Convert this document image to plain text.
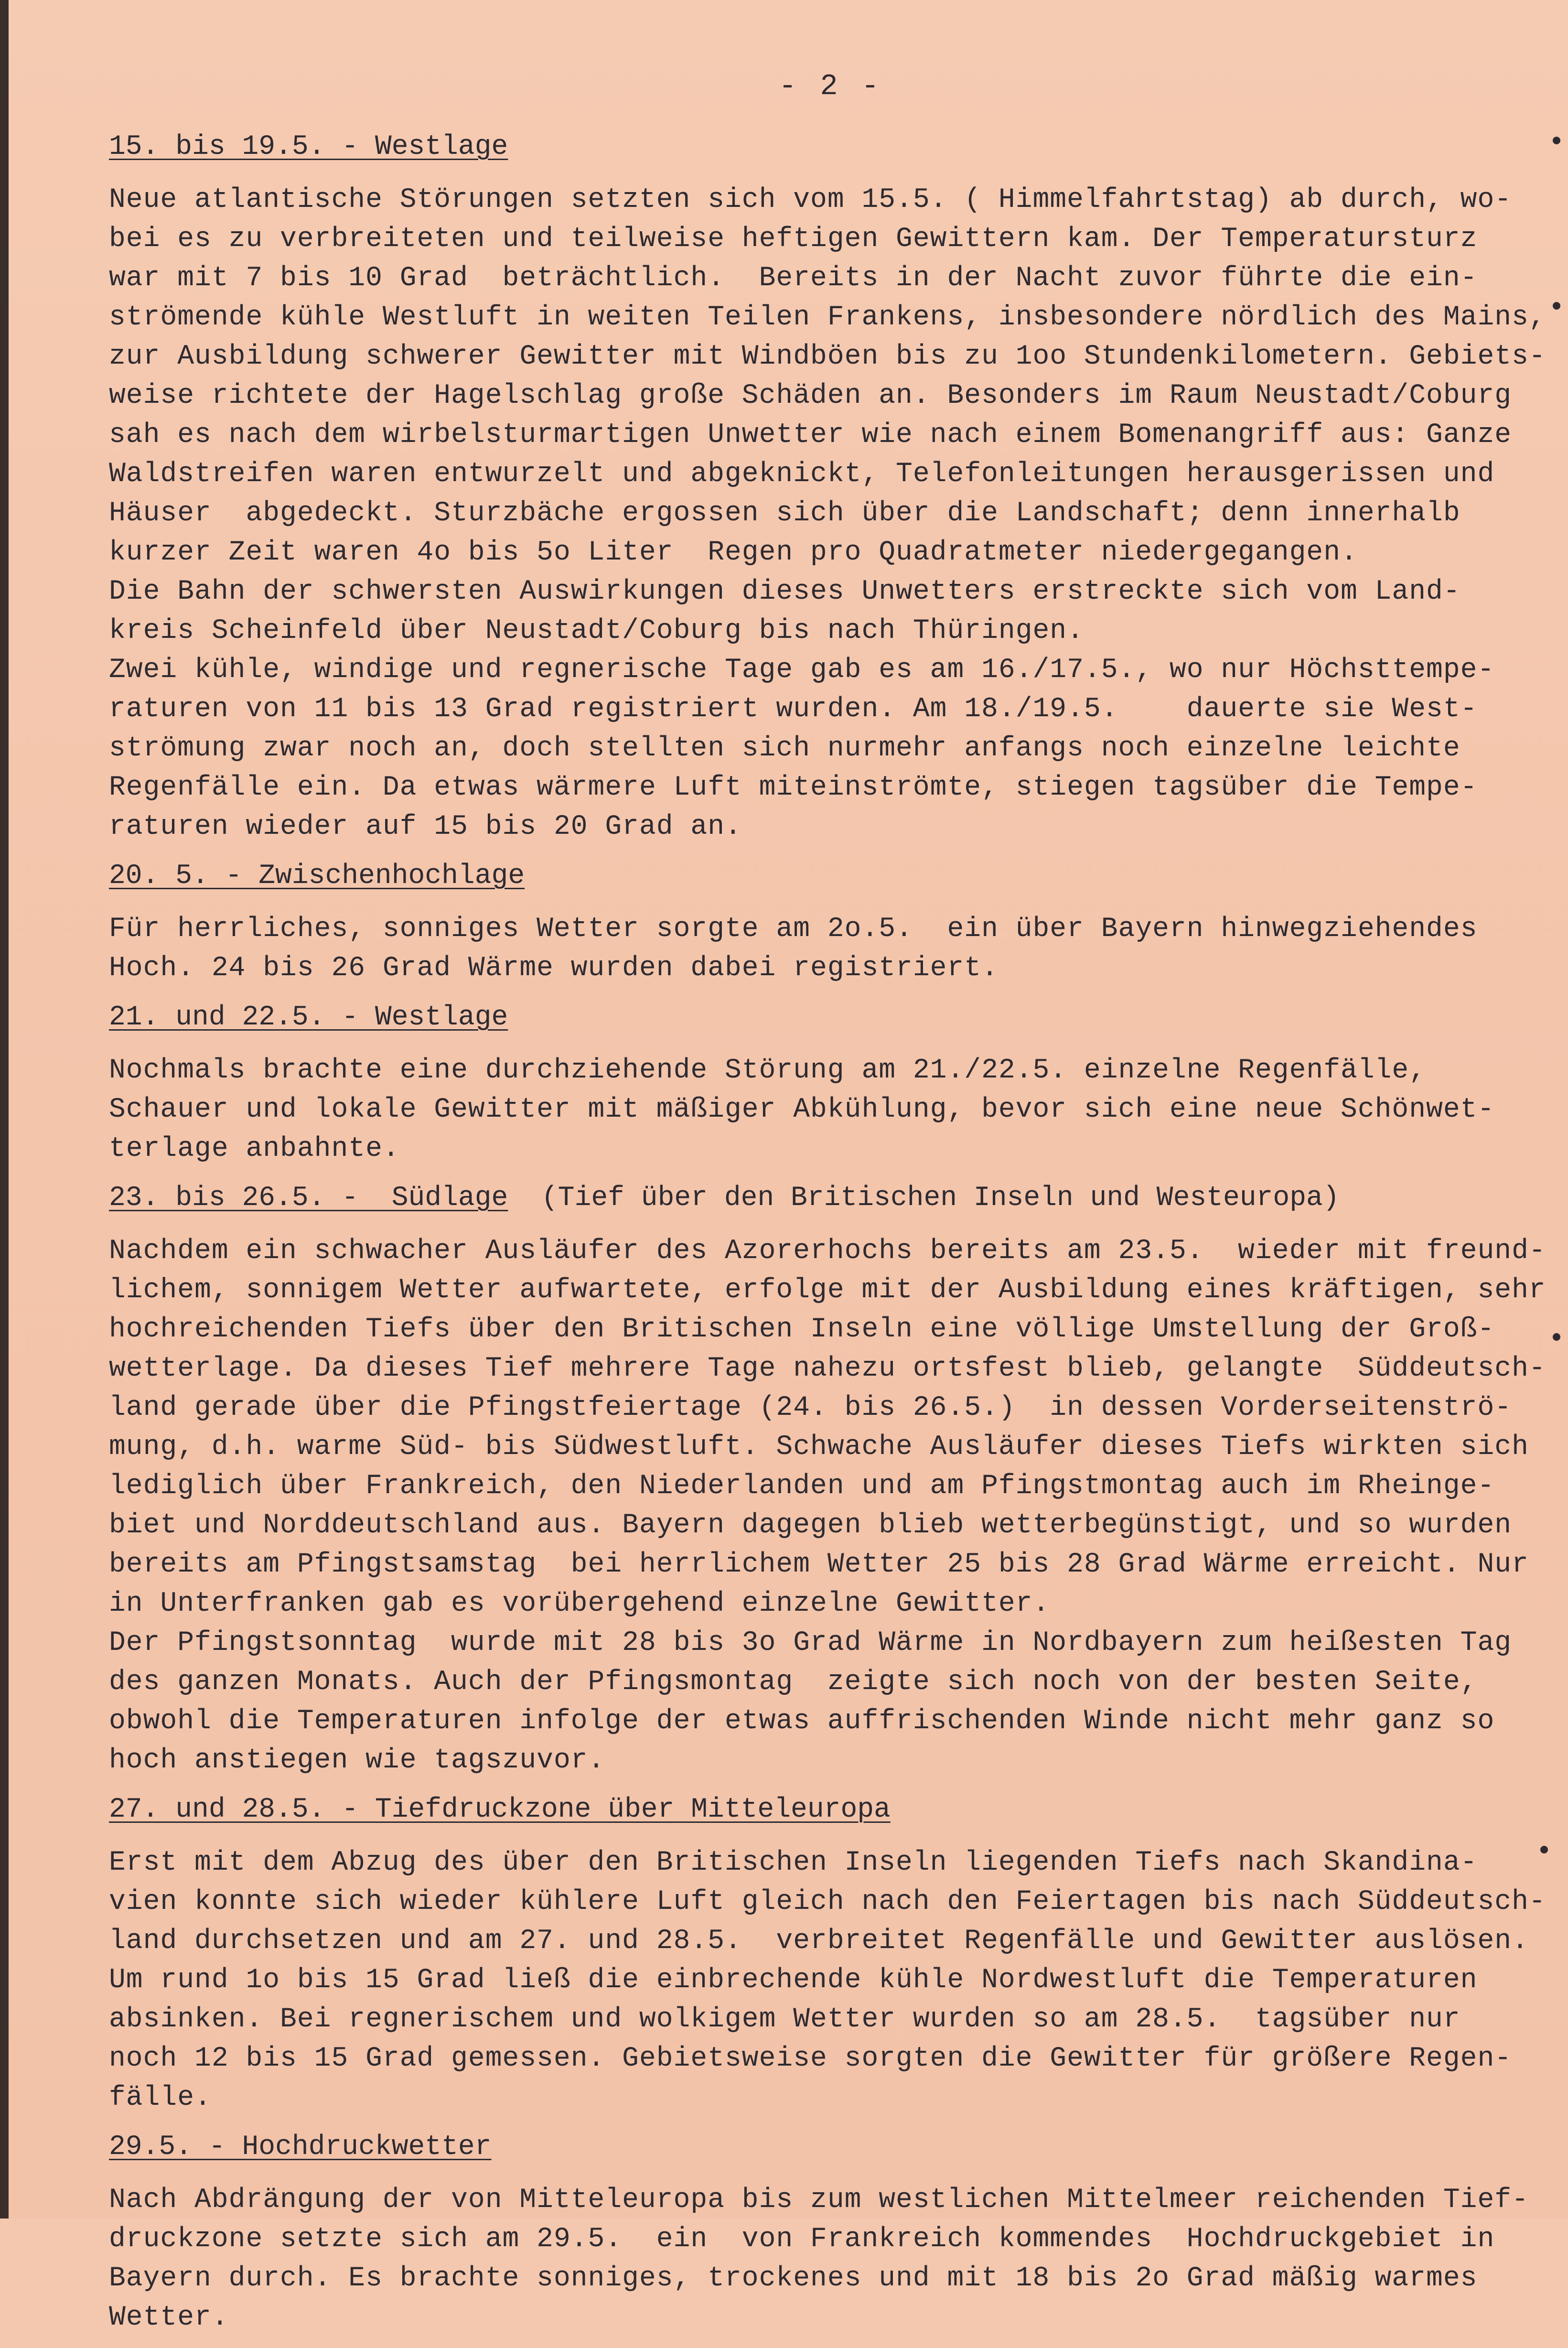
- 2 -
15. bis 19.5. - Westlage
Neue atlantische Störungen setzten sich vom 15.5. ( Himmelfahrtstag) ab durch, wo-
bei es zu verbreiteten und teilweise heftigen Gewittern kam. Der Temperatursturz
war mit 7 bis 10 Grad  beträchtlich.  Bereits in der Nacht zuvor führte die ein-
strömende kühle Westluft in weiten Teilen Frankens, insbesondere nördlich des Mains,
zur Ausbildung schwerer Gewitter mit Windböen bis zu 1oo Stundenkilometern. Gebiets-
weise richtete der Hagelschlag große Schäden an. Besonders im Raum Neustadt/Coburg
sah es nach dem wirbelsturmartigen Unwetter wie nach einem Bomenangriff aus: Ganze
Waldstreifen waren entwurzelt und abgeknickt, Telefonleitungen herausgerissen und
Häuser  abgedeckt. Sturzbäche ergossen sich über die Landschaft; denn innerhalb
kurzer Zeit waren 4o bis 5o Liter  Regen pro Quadratmeter niedergegangen.
Die Bahn der schwersten Auswirkungen dieses Unwetters erstreckte sich vom Land-
kreis Scheinfeld über Neustadt/Coburg bis nach Thüringen.
Zwei kühle, windige und regnerische Tage gab es am 16./17.5., wo nur Höchsttempe-
raturen von 11 bis 13 Grad registriert wurden. Am 18./19.5.    dauerte sie West-
strömung zwar noch an, doch stellten sich nurmehr anfangs noch einzelne leichte
Regenfälle ein. Da etwas wärmere Luft miteinströmte, stiegen tagsüber die Tempe-
raturen wieder auf 15 bis 20 Grad an.
20. 5. - Zwischenhochlage
Für herrliches, sonniges Wetter sorgte am 2o.5.  ein über Bayern hinwegziehendes
Hoch. 24 bis 26 Grad Wärme wurden dabei registriert.
21. und 22.5. - Westlage
Nochmals brachte eine durchziehende Störung am 21./22.5. einzelne Regenfälle,
Schauer und lokale Gewitter mit mäßiger Abkühlung, bevor sich eine neue Schönwet-
terlage anbahnte.
23. bis 26.5. -  Südlage  (Tief über den Britischen Inseln und Westeuropa)
Nachdem ein schwacher Ausläufer des Azorerhochs bereits am 23.5.  wieder mit freund-
lichem, sonnigem Wetter aufwartete, erfolge mit der Ausbildung eines kräftigen, sehr
hochreichenden Tiefs über den Britischen Inseln eine völlige Umstellung der Groß-
wetterlage. Da dieses Tief mehrere Tage nahezu ortsfest blieb, gelangte  Süddeutsch-
land gerade über die Pfingstfeiertage (24. bis 26.5.)  in dessen Vorderseitenströ-
mung, d.h. warme Süd- bis Südwestluft. Schwache Ausläufer dieses Tiefs wirkten sich
lediglich über Frankreich, den Niederlanden und am Pfingstmontag auch im Rheinge-
biet und Norddeutschland aus. Bayern dagegen blieb wetterbegünstigt, und so wurden
bereits am Pfingstsamstag  bei herrlichem Wetter 25 bis 28 Grad Wärme erreicht. Nur
in Unterfranken gab es vorübergehend einzelne Gewitter.
Der Pfingstsonntag  wurde mit 28 bis 3o Grad Wärme in Nordbayern zum heißesten Tag
des ganzen Monats. Auch der Pfingsmontag  zeigte sich noch von der besten Seite,
obwohl die Temperaturen infolge der etwas auffrischenden Winde nicht mehr ganz so
hoch anstiegen wie tagszuvor.
27. und 28.5. - Tiefdruckzone über Mitteleuropa
Erst mit dem Abzug des über den Britischen Inseln liegenden Tiefs nach Skandina-
vien konnte sich wieder kühlere Luft gleich nach den Feiertagen bis nach Süddeutsch-
land durchsetzen und am 27. und 28.5.  verbreitet Regenfälle und Gewitter auslösen.
Um rund 1o bis 15 Grad ließ die einbrechende kühle Nordwestluft die Temperaturen
absinken. Bei regnerischem und wolkigem Wetter wurden so am 28.5.  tagsüber nur
noch 12 bis 15 Grad gemessen. Gebietsweise sorgten die Gewitter für größere Regen-
fälle.
29.5. - Hochdruckwetter
Nach Abdrängung der von Mitteleuropa bis zum westlichen Mittelmeer reichenden Tief-
druckzone setzte sich am 29.5.  ein  von Frankreich kommendes  Hochdruckgebiet in
Bayern durch. Es brachte sonniges, trockenes und mit 18 bis 2o Grad mäßig warmes
Wetter.
